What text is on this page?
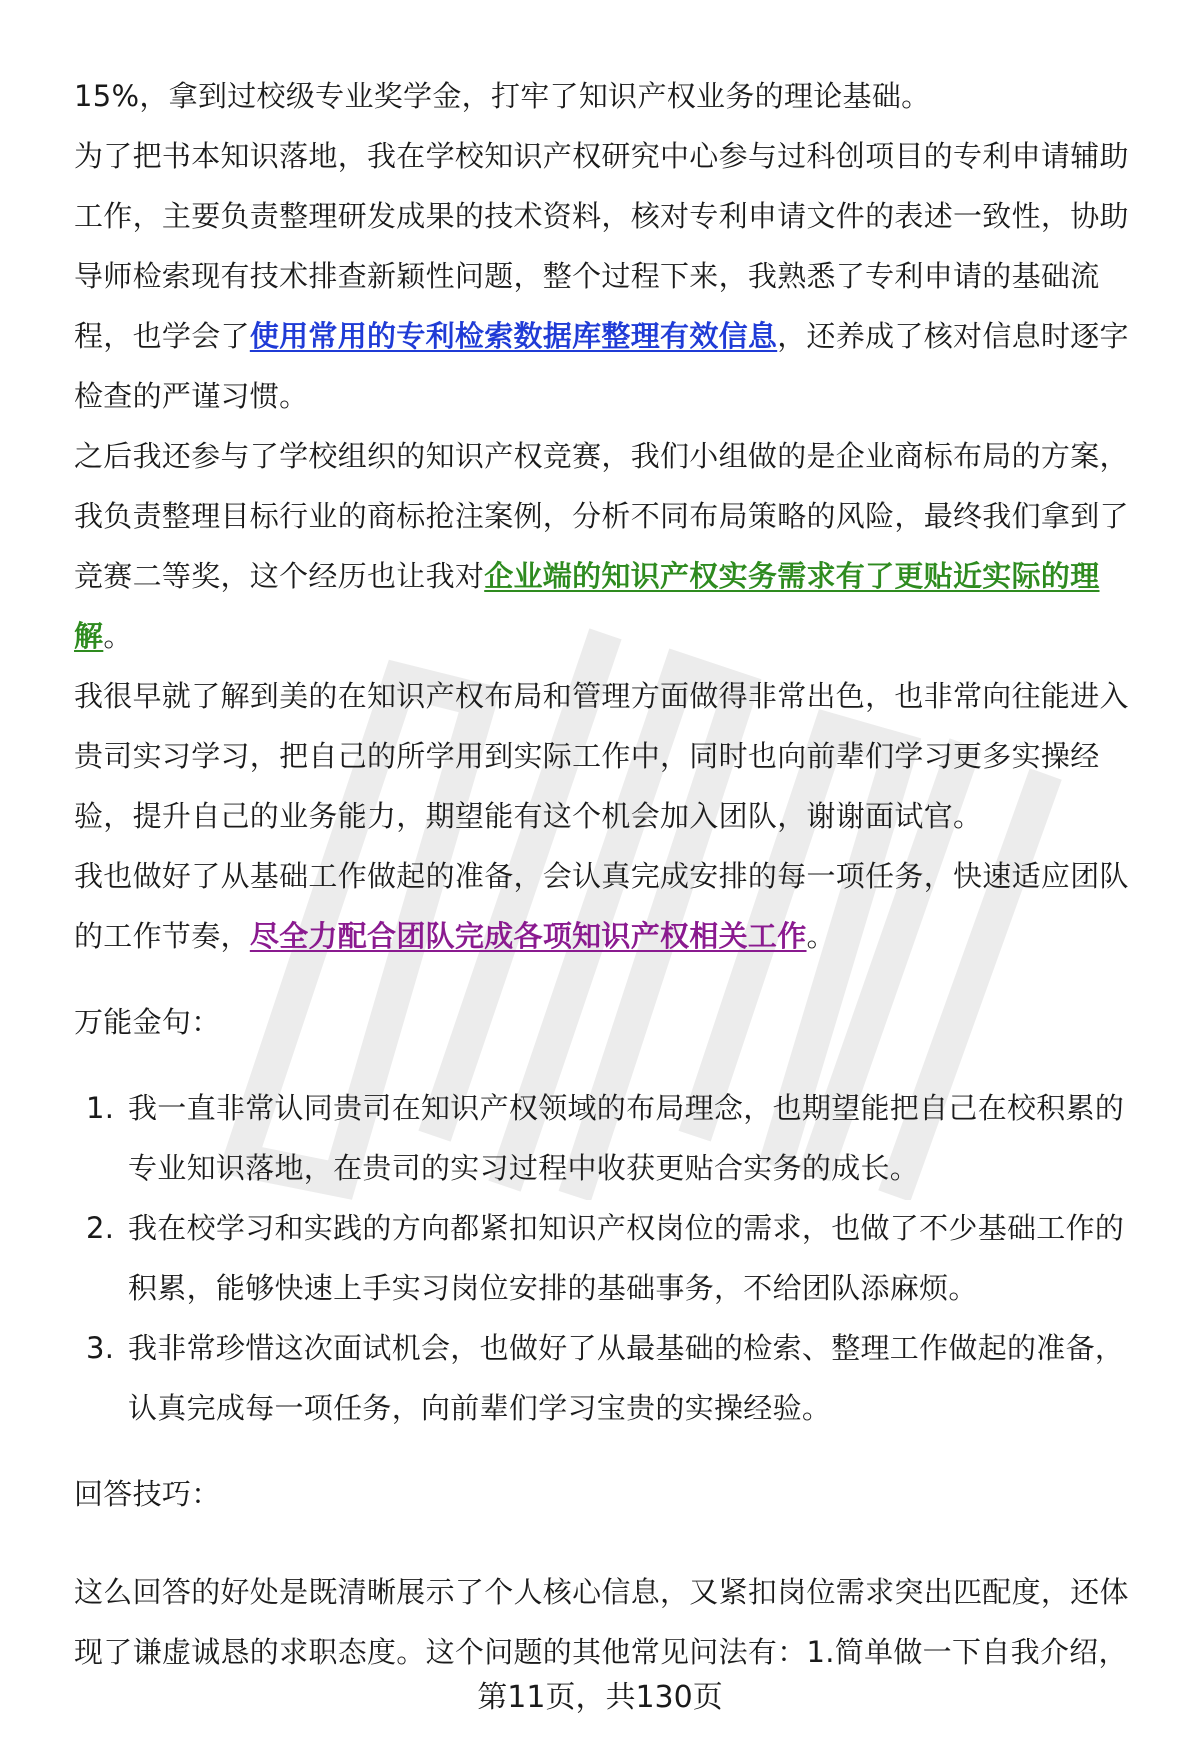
15%，拿到过校级专业奖学金，打牢了知识产权业务的理论基础。

为了把书本知识落地，我在学校知识产权研究中心参与过科创项目的专利申请辅助工作，主要负责整理研发成果的技术资料，核对专利申请文件的表述一致性，协助导师检索现有技术排查新颖性问题，整个过程下来，我熟悉了专利申请的基础流程，也学会了使用常用的专利检索数据库整理有效信息，还养成了核对信息时逐字检查的严谨习惯。

之后我还参与了学校组织的知识产权竞赛，我们小组做的是企业商标布局的方案，我负责整理目标行业的商标抢注案例，分析不同布局策略的风险，最终我们拿到了竞赛二等奖，这个经历也让我对企业端的知识产权实务需求有了更贴近实际的理解。

我很早就了解到美的在知识产权布局和管理方面做得非常出色，也非常向往能进入贵司实习学习，把自己的所学用到实际工作中，同时也向前辈们学习更多实操经验，提升自己的业务能力，期望能有这个机会加入团队，谢谢面试官。

我也做好了从基础工作做起的准备，会认真完成安排的每一项任务，快速适应团队的工作节奏，尽全力配合团队完成各项知识产权相关工作。

万能金句：

1. 我一直非常认同贵司在知识产权领域的布局理念，也期望能把自己在校积累的专业知识落地，在贵司的实习过程中收获更贴合实务的成长。
2. 我在校学习和实践的方向都紧扣知识产权岗位的需求，也做了不少基础工作的积累，能够快速上手实习岗位安排的基础事务，不给团队添麻烦。
3. 我非常珍惜这次面试机会，也做好了从最基础的检索、整理工作做起的准备，认真完成每一项任务，向前辈们学习宝贵的实操经验。

回答技巧：

这么回答的好处是既清晰展示了个人核心信息，又紧扣岗位需求突出匹配度，还体现了谦虚诚恳的求职态度。这个问题的其他常见问法有：1.简单做一下自我介绍，

第11页，共130页
